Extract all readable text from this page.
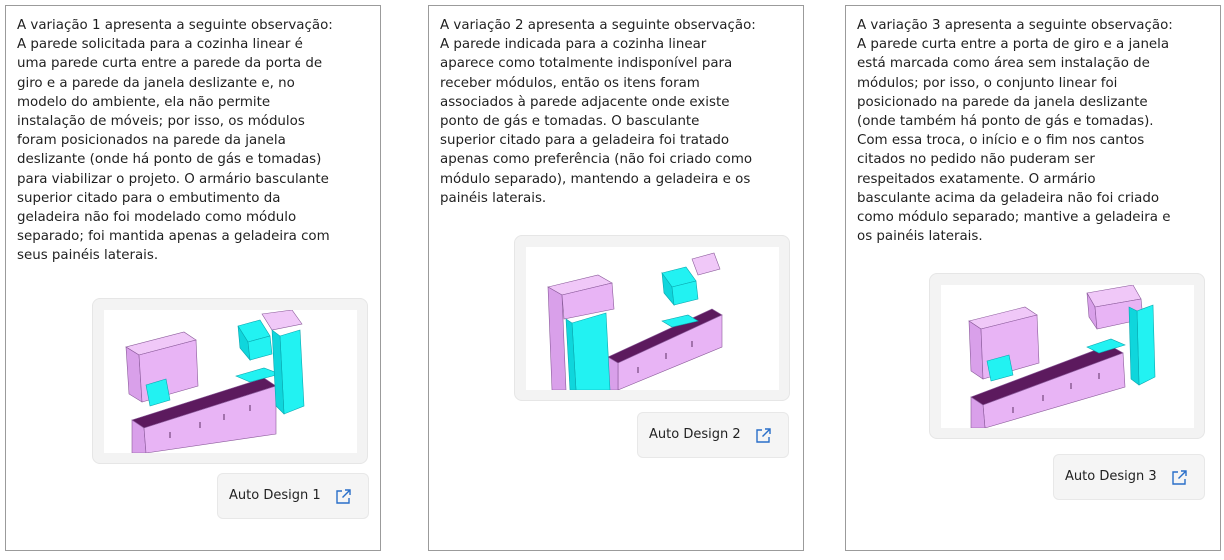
A variação 1 apresenta a seguinte observação:
A parede solicitada para a cozinha linear é
uma parede curta entre a parede da porta de
giro e a parede da janela deslizante e, no
modelo do ambiente, ela não permite
instalação de móveis; por isso, os módulos
foram posicionados na parede da janela
deslizante (onde há ponto de gás e tomadas)
para viabilizar o projeto. O armário basculante
superior citado para o embutimento da
geladeira não foi modelado como módulo
separado; foi mantida apenas a geladeira com
seus painéis laterais.

Auto Design 1

A variação 2 apresenta a seguinte observação:
A parede indicada para a cozinha linear
aparece como totalmente indisponível para
receber módulos, então os itens foram
associados à parede adjacente onde existe
ponto de gás e tomadas. O basculante
superior citado para a geladeira foi tratado
apenas como preferência (não foi criado como
módulo separado), mantendo a geladeira e os
painéis laterais.

Auto Design 2

A variação 3 apresenta a seguinte observação:
A parede curta entre a porta de giro e a janela
está marcada como área sem instalação de
módulos; por isso, o conjunto linear foi
posicionado na parede da janela deslizante
(onde também há ponto de gás e tomadas).
Com essa troca, o início e o fim nos cantos
citados no pedido não puderam ser
respeitados exatamente. O armário
basculante acima da geladeira não foi criado
como módulo separado; mantive a geladeira e
os painéis laterais.

Auto Design 3
